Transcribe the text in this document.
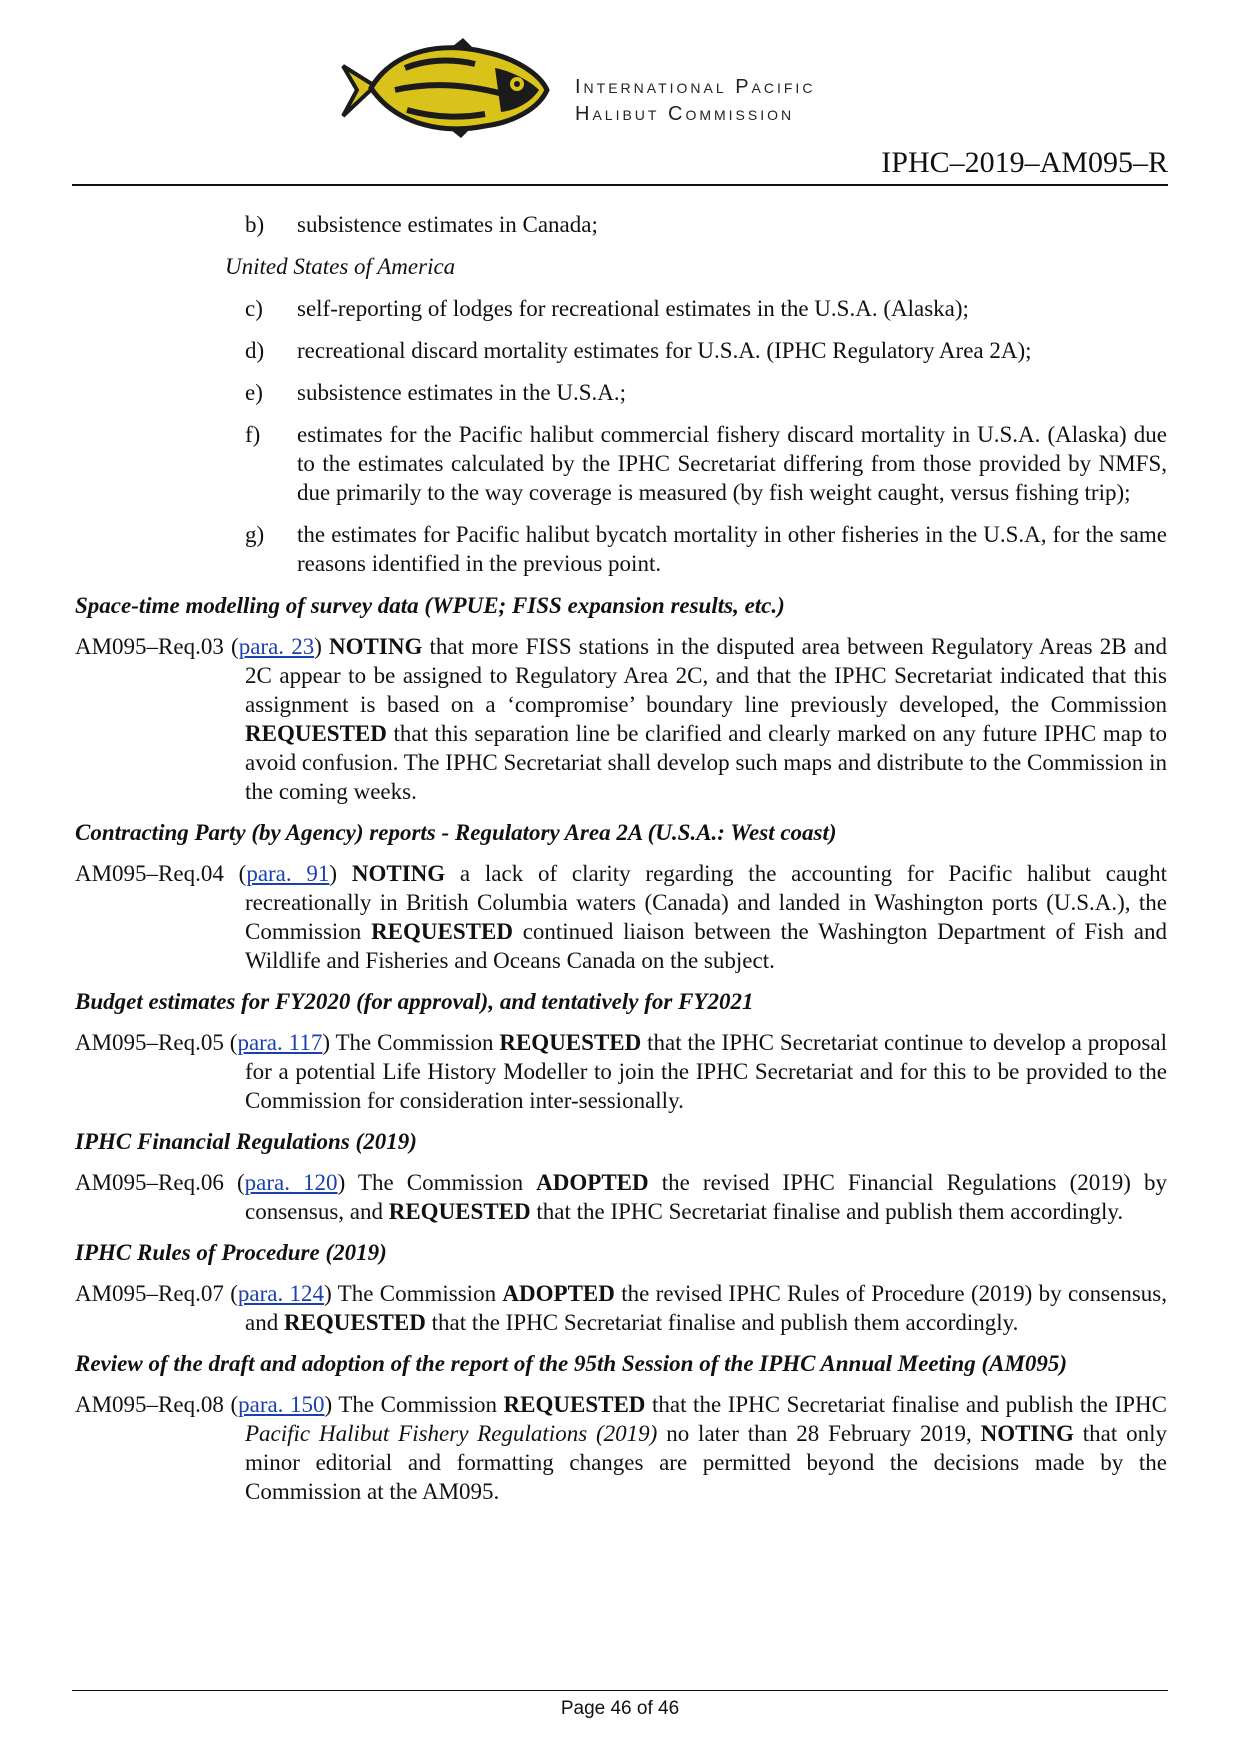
International Pacific
Halibut Commission
IPHC–2019–AM095–R
b)	subsistence estimates in Canada;
United States of America
c)	self-reporting of lodges for recreational estimates in the U.S.A. (Alaska);
d)	recreational discard mortality estimates for U.S.A. (IPHC Regulatory Area 2A);
e)	subsistence estimates in the U.S.A.;
f)	estimates for the Pacific halibut commercial fishery discard mortality in U.S.A. (Alaska) due to the estimates calculated by the IPHC Secretariat differing from those provided by NMFS, due primarily to the way coverage is measured (by fish weight caught, versus fishing trip);
g)	the estimates for Pacific halibut bycatch mortality in other fisheries in the U.S.A, for the same reasons identified in the previous point.
Space-time modelling of survey data (WPUE; FISS expansion results, etc.)
AM095–Req.03 (para. 23) NOTING that more FISS stations in the disputed area between Regulatory Areas 2B and 2C appear to be assigned to Regulatory Area 2C, and that the IPHC Secretariat indicated that this assignment is based on a ‘compromise’ boundary line previously developed, the Commission REQUESTED that this separation line be clarified and clearly marked on any future IPHC map to avoid confusion. The IPHC Secretariat shall develop such maps and distribute to the Commission in the coming weeks.
Contracting Party (by Agency) reports - Regulatory Area 2A (U.S.A.: West coast)
AM095–Req.04 (para. 91) NOTING a lack of clarity regarding the accounting for Pacific halibut caught recreationally in British Columbia waters (Canada) and landed in Washington ports (U.S.A.), the Commission REQUESTED continued liaison between the Washington Department of Fish and Wildlife and Fisheries and Oceans Canada on the subject.
Budget estimates for FY2020 (for approval), and tentatively for FY2021
AM095–Req.05 (para. 117) The Commission REQUESTED that the IPHC Secretariat continue to develop a proposal for a potential Life History Modeller to join the IPHC Secretariat and for this to be provided to the Commission for consideration inter-sessionally.
IPHC Financial Regulations (2019)
AM095–Req.06 (para. 120) The Commission ADOPTED the revised IPHC Financial Regulations (2019) by consensus, and REQUESTED that the IPHC Secretariat finalise and publish them accordingly.
IPHC Rules of Procedure (2019)
AM095–Req.07 (para. 124) The Commission ADOPTED the revised IPHC Rules of Procedure (2019) by consensus, and REQUESTED that the IPHC Secretariat finalise and publish them accordingly.
Review of the draft and adoption of the report of the 95th Session of the IPHC Annual Meeting (AM095)
AM095–Req.08 (para. 150) The Commission REQUESTED that the IPHC Secretariat finalise and publish the IPHC Pacific Halibut Fishery Regulations (2019) no later than 28 February 2019, NOTING that only minor editorial and formatting changes are permitted beyond the decisions made by the Commission at the AM095.
Page 46 of 46
